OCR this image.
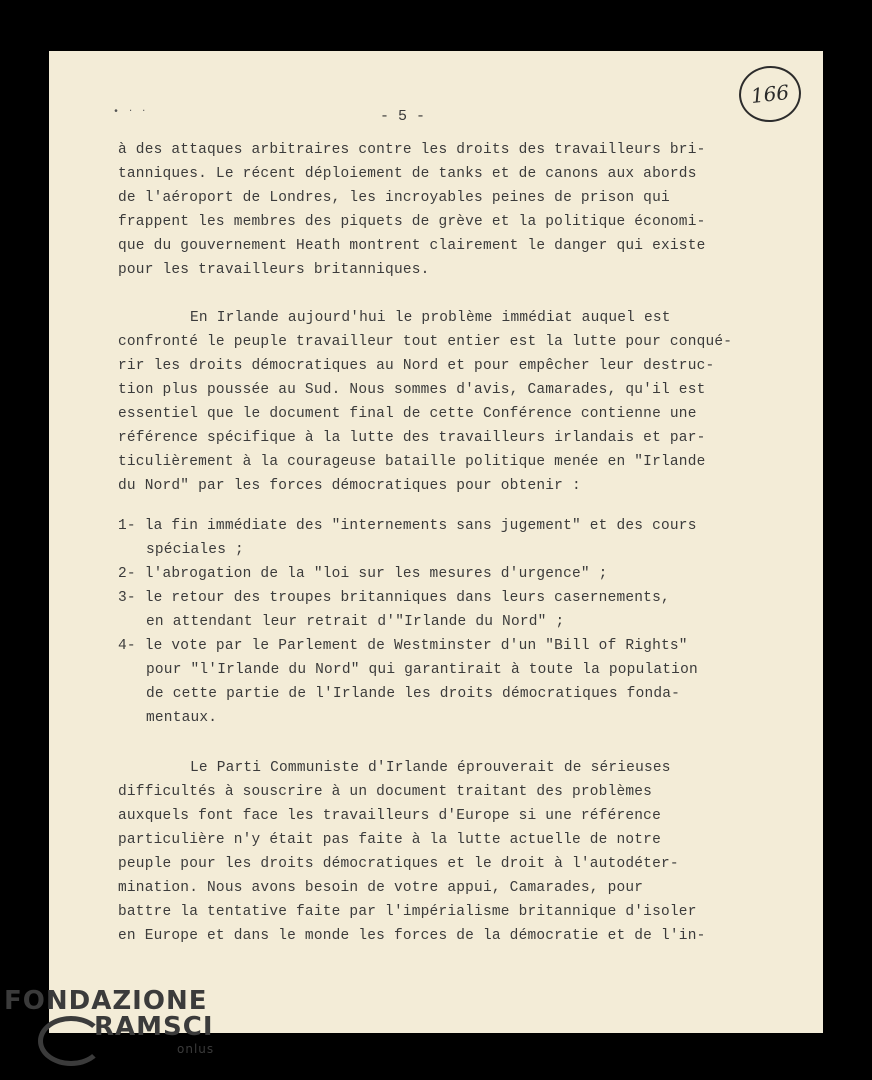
166
• ‧ ‧	- 5 -
à des attaques arbitraires contre les droits des travailleurs bri-
tanniques. Le récent déploiement de tanks et de canons aux abords
de l'aéroport de Londres, les incroyables peines de prison qui
frappent les membres des piquets de grève et la politique économi-
que du gouvernement Heath montrent clairement le danger qui existe
pour les travailleurs britanniques.
En Irlande aujourd'hui le problème immédiat auquel est
confronté le peuple travailleur tout entier est la lutte pour conqué-
rir les droits démocratiques au Nord et pour empêcher leur destruc-
tion plus poussée au Sud. Nous sommes d'avis, Camarades, qu'il est
essentiel que le document final de cette Conférence contienne une
référence spécifique à la lutte des travailleurs irlandais et par-
ticulièrement à la courageuse bataille politique menée en "Irlande
du Nord" par les forces démocratiques pour obtenir :
1- la fin immédiate des "internements sans jugement" et des cours
spéciales ;
2- l'abrogation de la "loi sur les mesures d'urgence" ;
3- le retour des troupes britanniques dans leurs casernements,
en attendant leur retrait d'"Irlande du Nord" ;
4- le vote par le Parlement de Westminster d'un "Bill of Rights"
pour "l'Irlande du Nord" qui garantirait à toute la population
de cette partie de l'Irlande les droits démocratiques fonda-
mentaux.
Le Parti Communiste d'Irlande éprouverait de sérieuses
difficultés à souscrire à un document traitant des problèmes
auxquels font face les travailleurs d'Europe si une référence
particulière n'y était pas faite à la lutte actuelle de notre
peuple pour les droits démocratiques et le droit à l'autodéter-
mination. Nous avons besoin de votre appui, Camarades, pour
battre la tentative faite par l'impérialisme britannique d'isoler
en Europe et dans le monde les forces de la démocratie et de l'in-
FONDAZIONE
RAMSCI
onlus
